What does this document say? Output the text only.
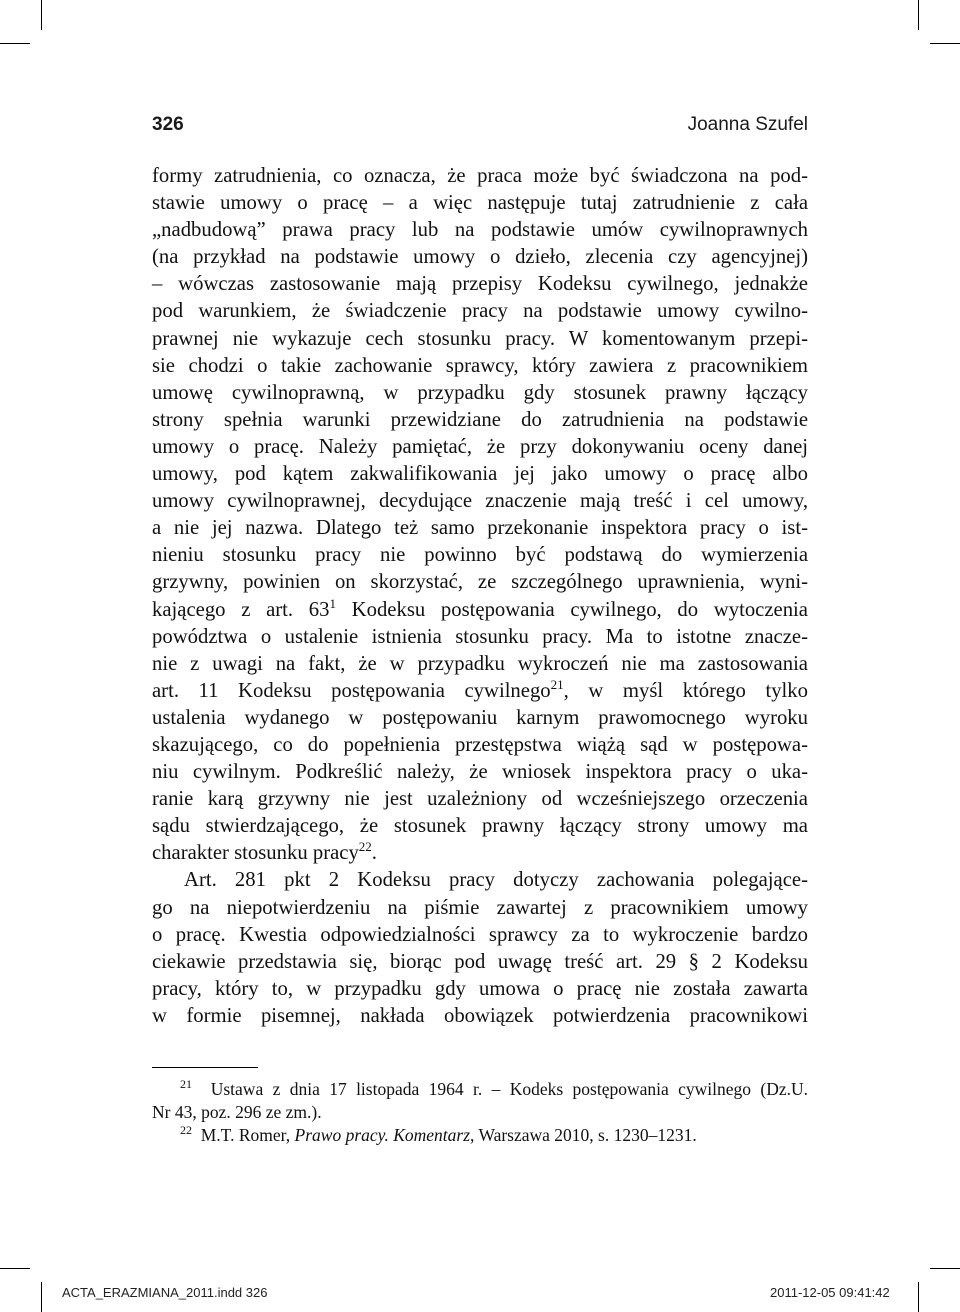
326	Joanna Szufel
formy zatrudnienia, co oznacza, że praca może być świadczona na pod-
stawie umowy o pracę – a więc następuje tutaj zatrudnienie z cała
„nadbudową” prawa pracy lub na podstawie umów cywilnoprawnych
(na przykład na podstawie umowy o dzieło, zlecenia czy agencyjnej)
– wówczas zastosowanie mają przepisy Kodeksu cywilnego, jednakże
pod warunkiem, że świadczenie pracy na podstawie umowy cywilno-
prawnej nie wykazuje cech stosunku pracy. W komentowanym przepi-
sie chodzi o takie zachowanie sprawcy, który zawiera z pracownikiem
umowę cywilnoprawną, w przypadku gdy stosunek prawny łączący
strony spełnia warunki przewidziane do zatrudnienia na podstawie
umowy o pracę. Należy pamiętać, że przy dokonywaniu oceny danej
umowy, pod kątem zakwalifikowania jej jako umowy o pracę albo
umowy cywilnoprawnej, decydujące znaczenie mają treść i cel umowy,
a nie jej nazwa. Dlatego też samo przekonanie inspektora pracy o ist-
nieniu stosunku pracy nie powinno być podstawą do wymierzenia
grzywny, powinien on skorzystać, ze szczególnego uprawnienia, wyni-
kającego z art. $63^1$ Kodeksu postępowania cywilnego, do wytoczenia
powództwa o ustalenie istnienia stosunku pracy. Ma to istotne znacze-
nie z uwagi na fakt, że w przypadku wykroczeń nie ma zastosowania
art. 11 Kodeksu postępowania cywilnego$^{21}$, w myśl którego tylko
ustalenia wydanego w postępowaniu karnym prawomocnego wyroku
skazującego, co do popełnienia przestępstwa wiążą sąd w postępowa-
niu cywilnym. Podkreślić należy, że wniosek inspektora pracy o uka-
ranie karą grzywny nie jest uzależniony od wcześniejszego orzeczenia
sądu stwierdzającego, że stosunek prawny łączący strony umowy ma
charakter stosunku pracy$^{22}$.
Art. 281 pkt 2 Kodeksu pracy dotyczy zachowania polegające-
go na niepotwierdzeniu na piśmie zawartej z pracownikiem umowy
o pracę. Kwestia odpowiedzialności sprawcy za to wykroczenie bardzo
ciekawie przedstawia się, biorąc pod uwagę treść art. 29 § 2 Kodeksu
pracy, który to, w przypadku gdy umowa o pracę nie została zawarta
w formie pisemnej, nakłada obowiązek potwierdzenia pracownikowi
$^{21}$ Ustawa z dnia 17 listopada 1964 r. – Kodeks postępowania cywilnego (Dz.U.
Nr 43, poz. 296 ze zm.).
$^{22}$ M.T. Romer, Prawo pracy. Komentarz, Warszawa 2010, s. 1230–1231.
ACTA_ERAZMIANA_2011.indd 326	2011-12-05 09:41:42
